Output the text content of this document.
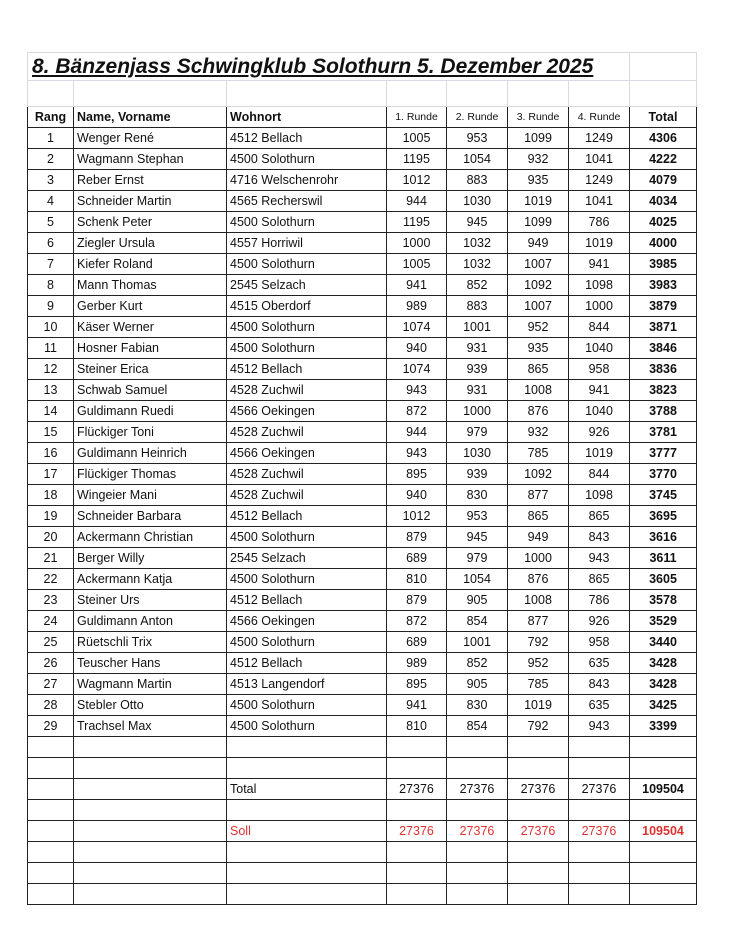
8. Bänzenjass Schwingklub Solothurn 5. Dezember 2025							

Rang	Name, Vorname	Wohnort	1. Runde	2. Runde	3. Runde	4. Runde	Total
1	Wenger René	4512 Bellach	1005	953	1099	1249	4306
2	Wagmann Stephan	4500 Solothurn	1195	1054	932	1041	4222
3	Reber Ernst	4716 Welschenrohr	1012	883	935	1249	4079
4	Schneider Martin	4565 Recherswil	944	1030	1019	1041	4034
5	Schenk Peter	4500 Solothurn	1195	945	1099	786	4025
6	Ziegler Ursula	4557 Horriwil	1000	1032	949	1019	4000
7	Kiefer Roland	4500 Solothurn	1005	1032	1007	941	3985
8	Mann Thomas	2545 Selzach	941	852	1092	1098	3983
9	Gerber Kurt	4515 Oberdorf	989	883	1007	1000	3879
10	Käser Werner	4500 Solothurn	1074	1001	952	844	3871
11	Hosner Fabian	4500 Solothurn	940	931	935	1040	3846
12	Steiner Erica	4512 Bellach	1074	939	865	958	3836
13	Schwab Samuel	4528 Zuchwil	943	931	1008	941	3823
14	Guldimann Ruedi	4566 Oekingen	872	1000	876	1040	3788
15	Flückiger Toni	4528 Zuchwil	944	979	932	926	3781
16	Guldimann Heinrich	4566 Oekingen	943	1030	785	1019	3777
17	Flückiger Thomas	4528 Zuchwil	895	939	1092	844	3770
18	Wingeier Mani	4528 Zuchwil	940	830	877	1098	3745
19	Schneider Barbara	4512 Bellach	1012	953	865	865	3695
20	Ackermann Christian	4500 Solothurn	879	945	949	843	3616
21	Berger Willy	2545 Selzach	689	979	1000	943	3611
22	Ackermann Katja	4500 Solothurn	810	1054	876	865	3605
23	Steiner Urs	4512 Bellach	879	905	1008	786	3578
24	Guldimann Anton	4566 Oekingen	872	854	877	926	3529
25	Rüetschli Trix	4500 Solothurn	689	1001	792	958	3440
26	Teuscher Hans	4512 Bellach	989	852	952	635	3428
27	Wagmann Martin	4513 Langendorf	895	905	785	843	3428
28	Stebler Otto	4500 Solothurn	941	830	1019	635	3425
29	Trachsel Max	4500 Solothurn	810	854	792	943	3399

		Total	27376	27376	27376	27376	109504

		Soll	27376	27376	27376	27376	109504
